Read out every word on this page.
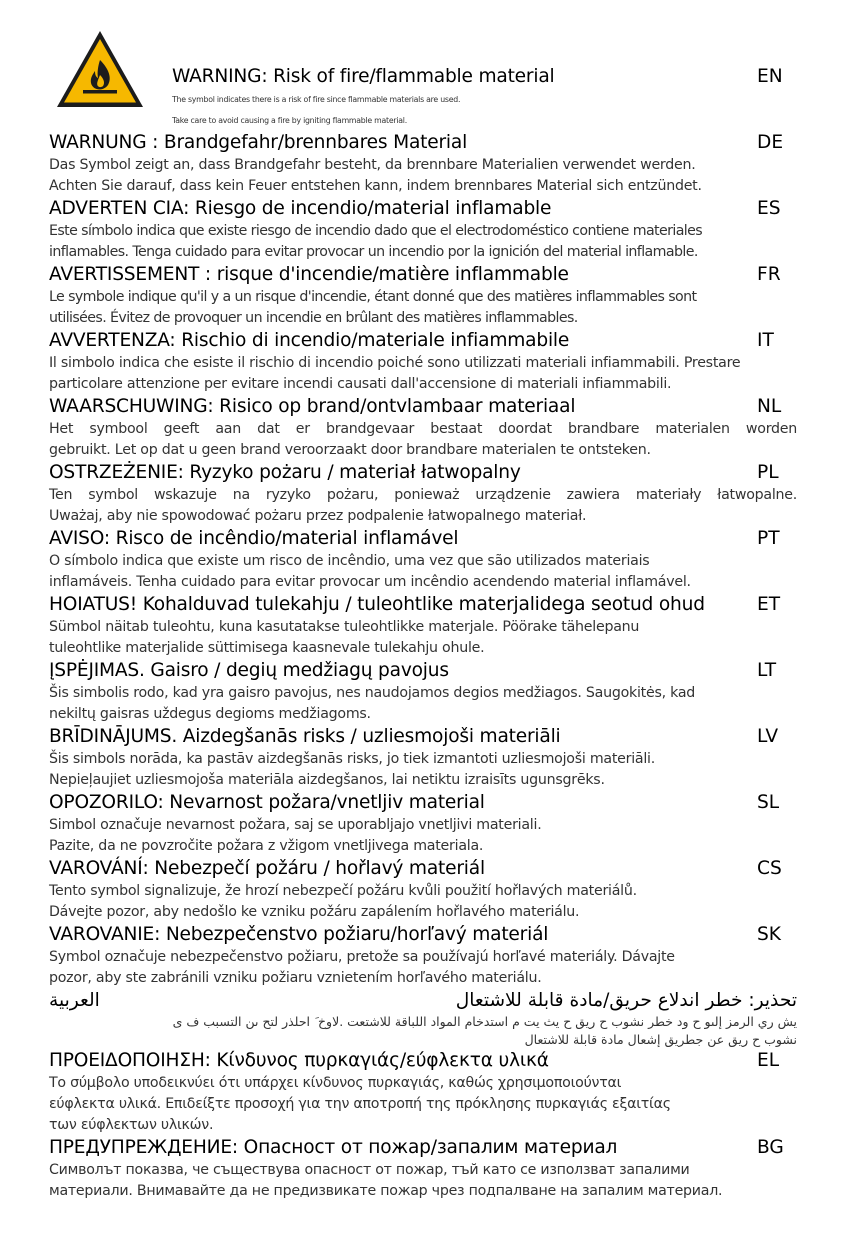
WARNING: Risk of fire/flammable material	EN

The symbol indicates there is a risk of fire since flammable materials are used.

Take care to avoid causing a fire by igniting flammable material.

WARNUNG : Brandgefahr/brennbares Material	DE

Das Symbol zeigt an, dass Brandgefahr besteht, da brennbare Materialien verwendet werden.

Achten Sie darauf, dass kein Feuer entstehen kann, indem brennbares Material sich entzündet.

ADVERTEN CIA: Riesgo de incendio/material inflamable	ES

Este símbolo indica que existe riesgo de incendio dado que el electrodoméstico contiene materiales

inflamables. Tenga cuidado para evitar provocar un incendio por la ignición del material inflamable.

AVERTISSEMENT : risque d'incendie/matière inflammable	FR

Le symbole indique qu'il y a un risque d'incendie, étant donné que des matières inflammables sont

utilisées. Évitez de provoquer un incendie en brûlant des matières inflammables.

AVVERTENZA: Rischio di incendio/materiale infiammabile	IT

Il simbolo indica che esiste il rischio di incendio poiché sono utilizzati materiali infiammabili. Prestare

particolare attenzione per evitare incendi causati dall'accensione di materiali infiammabili.

WAARSCHUWING: Risico op brand/ontvlambaar materiaal	NL

Het symbool geeft aan dat er brandgevaar bestaat doordat brandbare materialen worden

gebruikt. Let op dat u geen brand veroorzaakt door brandbare materialen te ontsteken.

OSTRZEŻENIE: Ryzyko pożaru / materiał łatwopalny	PL

Ten symbol wskazuje na ryzyko pożaru, ponieważ urządzenie zawiera materiały łatwopalne.

Uważaj, aby nie spowodować pożaru przez podpalenie łatwopalnego materiał.

AVISO: Risco de incêndio/material inflamável	PT

O símbolo indica que existe um risco de incêndio, uma vez que são utilizados materiais

inflamáveis. Tenha cuidado para evitar provocar um incêndio acendendo material inflamável.

HOIATUS! Kohalduvad tulekahju / tuleohtlike materjalidega seotud ohud	ET

Sümbol näitab tuleohtu, kuna kasutatakse tuleohtlikke materjale. Pöörake tähelepanu

tuleohtlike materjalide süttimisega kaasnevale tulekahju ohule.

ĮSPĖJIMAS. Gaisro / degių medžiagų pavojus	LT

Šis simbolis rodo, kad yra gaisro pavojus, nes naudojamos degios medžiagos. Saugokitės, kad

nekiltų gaisras uždegus degioms medžiagoms.

BRĪDINĀJUMS. Aizdegšanās risks / uzliesmojoši materiāli	LV

Šis simbols norāda, ka pastāv aizdegšanās risks, jo tiek izmantoti uzliesmojoši materiāli.

Nepieļaujiet uzliesmojoša materiāla aizdegšanos, lai netiktu izraisīts ugunsgrēks.

OPOZORILO: Nevarnost požara/vnetljiv material	SL

Simbol označuje nevarnost požara, saj se uporabljajo vnetljivi materiali.

Pazite, da ne povzročite požara z vžigom vnetljivega materiala.

VAROVÁNÍ: Nebezpečí požáru / hořlavý materiál	CS

Tento symbol signalizuje, že hrozí nebezpečí požáru kvůli použití hořlavých materiálů.

Dávejte pozor, aby nedošlo ke vzniku požáru zapálením hořlavého materiálu.

VAROVANIE: Nebezpečenstvo požiaru/horľavý materiál	SK

Symbol označuje nebezpečenstvo požiaru, pretože sa používajú horľavé materiály. Dávajte

pozor, aby ste zabránili vzniku požiaru vznietením horľavého materiálu.

تحذير: خطر اندلاع حريق/مادة قابلة للاشتعال
العربية

يش ري الرمز إلىو ح ود خطر نشوب ح ريق ح يث يت م استدخام المواد اللباقة للاشتعت .لاوخ َ احلذر لتح ىن التسبب ف ى

نشوب ح ريق عن جطريق إشعال مادة قابلة للاشتعال

ΠΡΟΕΙΔΟΠΟΙΗΣΗ: Κίνδυνος πυρκαγιάς/εύφλεκτα υλικά	EL

Το σύμβολο υποδεικνύει ότι υπάρχει κίνδυνος πυρκαγιάς, καθώς χρησιμοποιούνται

εύφλεκτα υλικά. Επιδείξτε προσοχή για την αποτροπή της πρόκλησης πυρκαγιάς εξαιτίας

των εύφλεκτων υλικών.

ПРЕДУПРЕЖДЕНИЕ: Опасност от пожар/запалим материал	BG

Символът показва, че съществува опасност от пожар, тъй като се използват запалими

материали. Внимавайте да не предизвикате пожар чрез подпалване на запалим материал.
